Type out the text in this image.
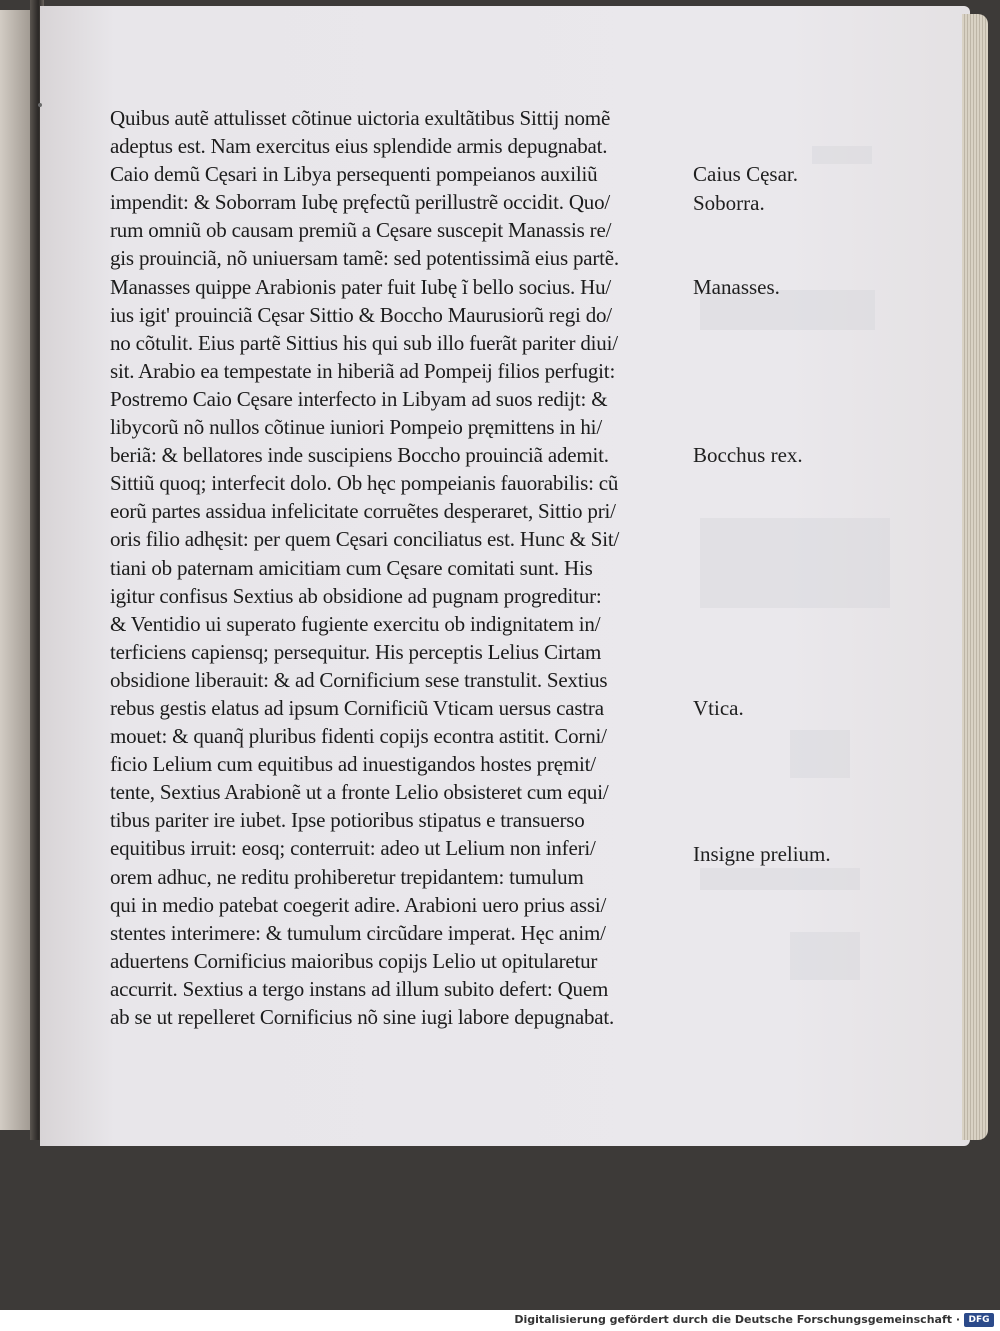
Quibus autẽ attulisset cõtinue uictoria exultãtibus Sittij nomẽ
adeptus est. Nam exercitus eius splendide armis depugnabat.
Caio demũ Cęsari in Libya persequenti pompeianos auxiliũ
impendit: & Soborram Iubę pręfectũ perillustrẽ occidit. Quo/
rum omniũ ob causam premiũ a Cęsare suscepit Manassis re/
gis prouinciã, nõ uniuersam tamẽ: sed potentissimã eius partẽ.
Manasses quippe Arabionis pater fuit Iubę ĩ bello socius. Hu/
ius igit' prouinciã Cęsar Sittio & Boccho Maurusiorũ regi do/
no cõtulit. Eius partẽ Sittius his qui sub illo fuerãt pariter diui/
sit. Arabio ea tempestate in hiberiã ad Pompeij filios perfugit:
Postremo Caio Cęsare interfecto in Libyam ad suos redijt: &
libycorũ nõ nullos cõtinue iuniori Pompeio pręmittens in hi/
beriã: & bellatores inde suscipiens Boccho prouinciã ademit.
Sittiũ quoq; interfecit dolo. Ob hęc pompeianis fauorabilis: cũ
eorũ partes assidua infelicitate corruẽtes desperaret, Sittio pri/
oris filio adhęsit: per quem Cęsari conciliatus est. Hunc & Sit/
tiani ob paternam amicitiam cum Cęsare comitati sunt. His
igitur confisus Sextius ab obsidione ad pugnam progreditur:
& Ventidio ui superato fugiente exercitu ob indignitatem in/
terficiens capiensq; persequitur. His perceptis Lelius Cirtam
obsidione liberauit: & ad Cornificium sese transtulit. Sextius
rebus gestis elatus ad ipsum Cornificiũ Vticam uersus castra
mouet: & quanq̃ pluribus fidenti copijs econtra astitit. Corni/
ficio Lelium cum equitibus ad inuestigandos hostes pręmit/
tente, Sextius Arabionẽ ut a fronte Lelio obsisteret cum equi/
tibus pariter ire iubet. Ipse potioribus stipatus e transuerso
equitibus irruit: eosq; conterruit: adeo ut Lelium non inferi/
orem adhuc, ne reditu prohiberetur trepidantem: tumulum
qui in medio patebat coegerit adire. Arabioni uero prius assi/
stentes interimere: & tumulum circũdare imperat. Hęc anim/
aduertens Cornificius maioribus copijs Lelio ut opitularetur
accurrit. Sextius a tergo instans ad illum subito defert: Quem
ab se ut repelleret Cornificius nõ sine iugi labore depugnabat.
Caius Cęsar.
Soborra.
Manasses.
Bocchus rex.
Vtica.
Insigne prelium.
Digitalisierung gefördert durch die Deutsche Forschungsgemeinschaft · DFG
